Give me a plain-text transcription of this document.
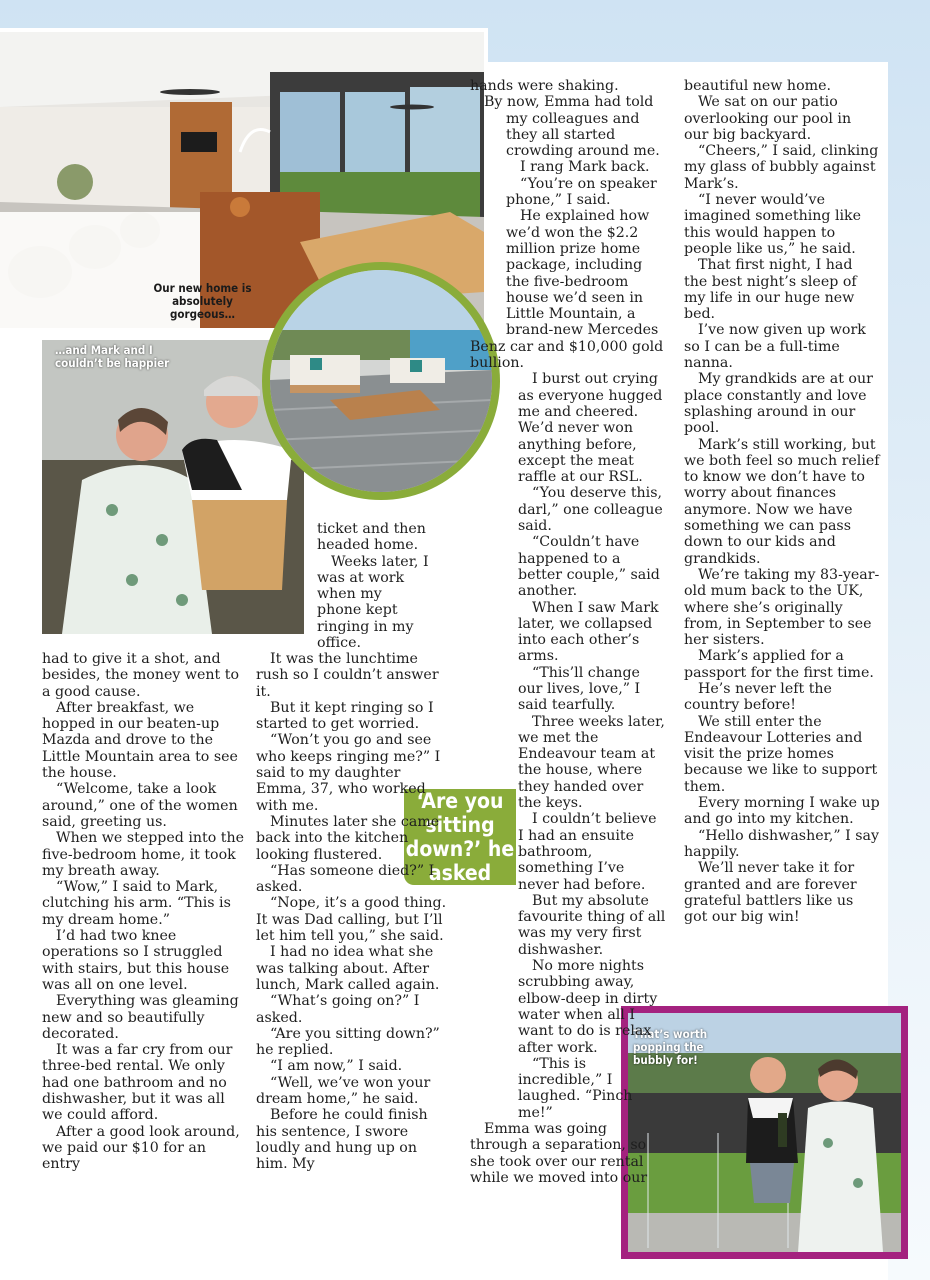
Our new home is
absolutely
gorgeous…
…and Mark and I
couldn’t be happier
That’s worth
popping the
bubbly for!
‘Are you
sitting
down?’ he
asked

had to give it a shot, and besides, the money went to a good cause.

After breakfast, we hopped in our beaten-up Mazda and drove to the Little Mountain area to see the house.

“Welcome, take a look around,” one of the women said, greeting us.

When we stepped into the five-bedroom home, it took my breath away.

“Wow,” I said to Mark, clutching his arm. “This is my dream home.”

I’d had two knee operations so I struggled with stairs, but this house was all on one level.

Everything was gleaming new and so beautifully decorated.

It was a far cry from our three-bed rental. We only had one bathroom and no dishwasher, but it was all we could afford.

After a good look around, we paid our $10 for an entry

ticket and then headed home.

Weeks later, I was at work when my phone kept ringing in my office.

It was the lunchtime rush so I couldn’t answer it.

But it kept ringing so I started to get worried.

“Won’t you go and see who keeps ringing me?” I said to my daughter Emma, 37, who worked with me.

Minutes later she came back into the kitchen looking flustered.

“Has someone died?” I asked.

“Nope, it’s a good thing. It was Dad calling, but I’ll let him tell you,” she said.

I had no idea what she was talking about. After lunch, Mark called again.

“What’s going on?” I asked.

“Are you sitting down?” he replied.

“I am now,” I said.

“Well, we’ve won your dream home,” he said.

Before he could finish his sentence, I swore loudly and hung up on him. My

hands were shaking.

By now, Emma had told my colleagues and they all started crowding around me.

I rang Mark back.

“You’re on speaker phone,” I said.

He explained how we’d won the $2.2 million prize home package, including the five-bedroom house we’d seen in Little Mountain, a brand-new Mercedes Benz car and $10,000 gold bullion.

I burst out crying as everyone hugged me and cheered. We’d never won anything before, except the meat raffle at our RSL.

“You deserve this, darl,” one colleague said.

“Couldn’t have happened to a better couple,” said another.

When I saw Mark later, we collapsed into each other’s arms.

“This’ll change our lives, love,” I said tearfully.

Three weeks later, we met the Endeavour team at the house, where they handed over the keys.

I couldn’t believe I had an ensuite bathroom, something I’ve never had before.

But my absolute favourite thing of all was my very first dishwasher.

No more nights scrubbing away, elbow-deep in dirty water when all I want to do is relax after work.

“This is incredible,” I laughed. “Pinch me!”

Emma was going through a separation, so she took over our rental while we moved into our

beautiful new home.

We sat on our patio overlooking our pool in our big backyard.

“Cheers,” I said, clinking my glass of bubbly against Mark’s.

“I never would’ve imagined something like this would happen to people like us,” he said.

That first night, I had the best night’s sleep of my life in our huge new bed.

I’ve now given up work so I can be a full-time nanna.

My grandkids are at our place constantly and love splashing around in our pool.

Mark’s still working, but we both feel so much relief to know we don’t have to worry about finances anymore. Now we have something we can pass down to our kids and grandkids.

We’re taking my 83-year-old mum back to the UK, where she’s originally from, in September to see her sisters.

Mark’s applied for a passport for the first time.

He’s never left the country before!

We still enter the Endeavour Lotteries and visit the prize homes because we like to support them.

Every morning I wake up and go into my kitchen.

“Hello dishwasher,” I say happily.

We’ll never take it for granted and are forever grateful battlers like us got our big win!
